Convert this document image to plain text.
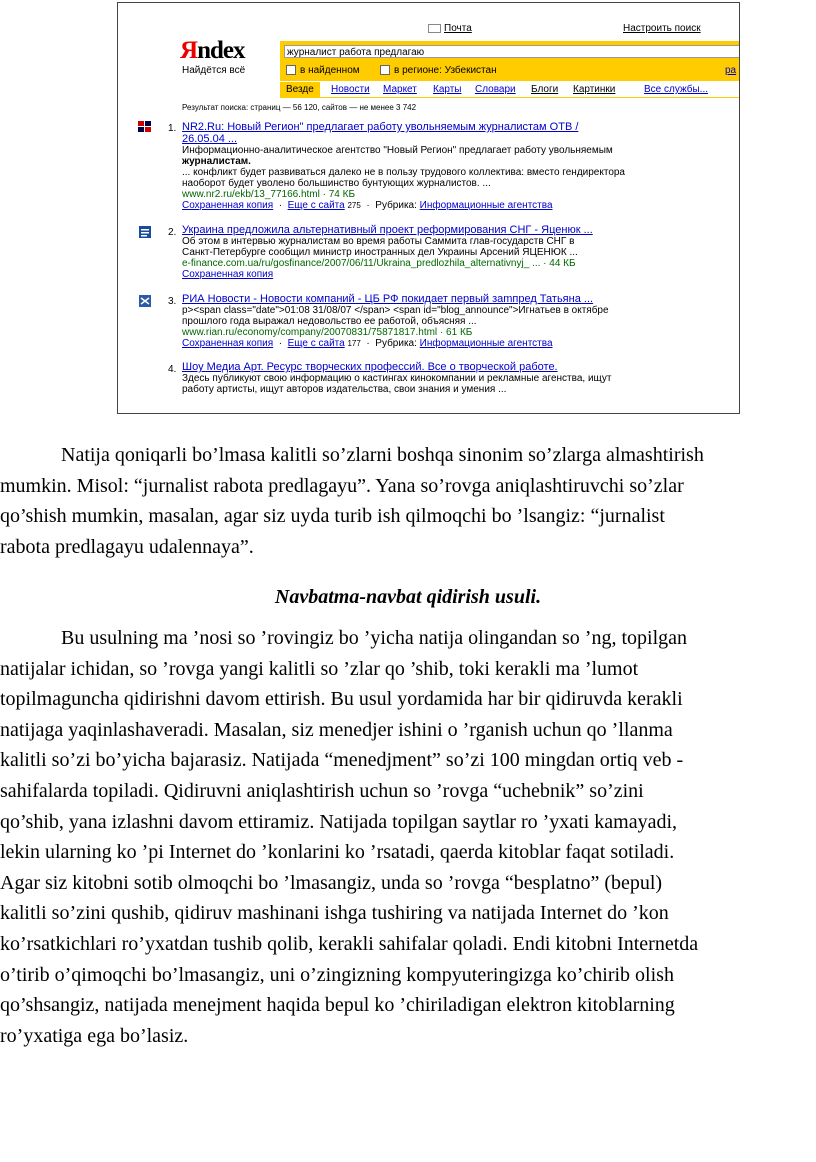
Яndex
Найдётся всё
Почта	Настроить поиск
журналист работа предлагаю
в найденном	в регионе: Узбекистан	ра
Везде	Новости Маркет Карты Словари Блоги Картинки	Все службы...
Результат поиска: страниц — 56 120, сайтов — не менее 3 742
1. NR2.Ru: Новый Регион" предлагает работу увольняемым журналистам ОТВ /
26.05.04 ...
Информационно-аналитическое агентство "Новый Регион" предлагает работу увольняемым
журналистам.
... конфликт будет развиваться далеко не в пользу трудового коллектива: вместо гендиректора
наоборот будет уволено большинство бунтующих журналистов. ...
www.nr2.ru/ekb/13_77166.html · 74 КБ
Сохраненная копия  ·  Еще с сайта 275  ·  Рубрика: Информационные агентства
2. Украина предложила альтернативный проект реформирования СНГ - Яценюк ...
Об этом в интервью журналистам во время работы Саммита глав-государств СНГ в
Санкт-Петербурге сообщил министр иностранных дел Украины Арсений ЯЦЕНЮК ...
e-finance.com.ua/ru/gosfinance/2007/06/11/Ukraina_predlozhila_alternativnyj_ ... · 44 КБ
Сохраненная копия
3. РИА Новости - Новости компаний - ЦБ РФ покидает первый заmпред Татьяна ...
p><span class="date">01:08 31/08/07 </span> <span id="blog_announce">Игнатьев в октябре
прошлого года выражал недовольство ее работой, объясняя ...
www.rian.ru/economy/company/20070831/75871817.html · 61 КБ
Сохраненная копия  ·  Еще с сайта 177  ·  Рубрика: Информационные агентства
4. Шоу Медиа Арт. Ресурс творческих профессий. Все о творческой работе.
Здесь публикуют свою информацию о кастингах кинокомпании и рекламные агенства, ищут
работу артисты, ищут авторов издательства, свои знания и умения ...
Natija qoniqarli bo’lmasa kalitli so’zlarni boshqa sinonim so’zlarga almashtirish
mumkin. Misol: “jurnalist rabota predlagayu”. Yana so’rovga aniqlashtiruvchi so’zlar
qo’shish mumkin, masalan, agar siz uyda turib ish qilmoqchi bo ’lsangiz: “jurnalist
rabota predlagayu udalennaya”.
Navbatma-navbat qidirish usuli.
Bu usulning ma ’nosi so ’rovingiz bo ’yicha natija olingandan so ’ng, topilgan
natijalar ichidan, so ’rovga yangi kalitli so ’zlar qo ’shib, toki kerakli ma ’lumot
topilmaguncha qidirishni davom ettirish. Bu usul yordamida har bir qidiruvda kerakli
natijaga yaqinlashaveradi. Masalan, siz menedjer ishini o ’rganish uchun qo ’llanma
kalitli so’zi bo’yicha bajarasiz. Natijada “menedjment” so’zi 100 mingdan ortiq veb -
sahifalarda topiladi. Qidiruvni aniqlashtirish uchun so ’rovga “uchebnik” so’zini
qo’shib, yana izlashni davom ettiramiz. Natijada topilgan saytlar ro ’yxati kamayadi,
lekin ularning ko ’pi Internet do ’konlarini ko ’rsatadi, qaerda kitoblar faqat sotiladi.
Agar siz kitobni sotib olmoqchi bo ’lmasangiz, unda so ’rovga “besplatno” (bepul)
kalitli so’zini qushib, qidiruv mashinani ishga tushiring va natijada Internet do ’kon
ko’rsatkichlari ro’yxatdan tushib qolib, kerakli sahifalar qoladi. Endi kitobni Internetda
o’tirib o’qimoqchi bo’lmasangiz, uni o’zingizning kompyuteringizga ko’chirib olish
qo’shsangiz, natijada menejment haqida bepul ko ’chiriladigan elektron kitoblarning
ro’yxatiga ega bo’lasiz.
